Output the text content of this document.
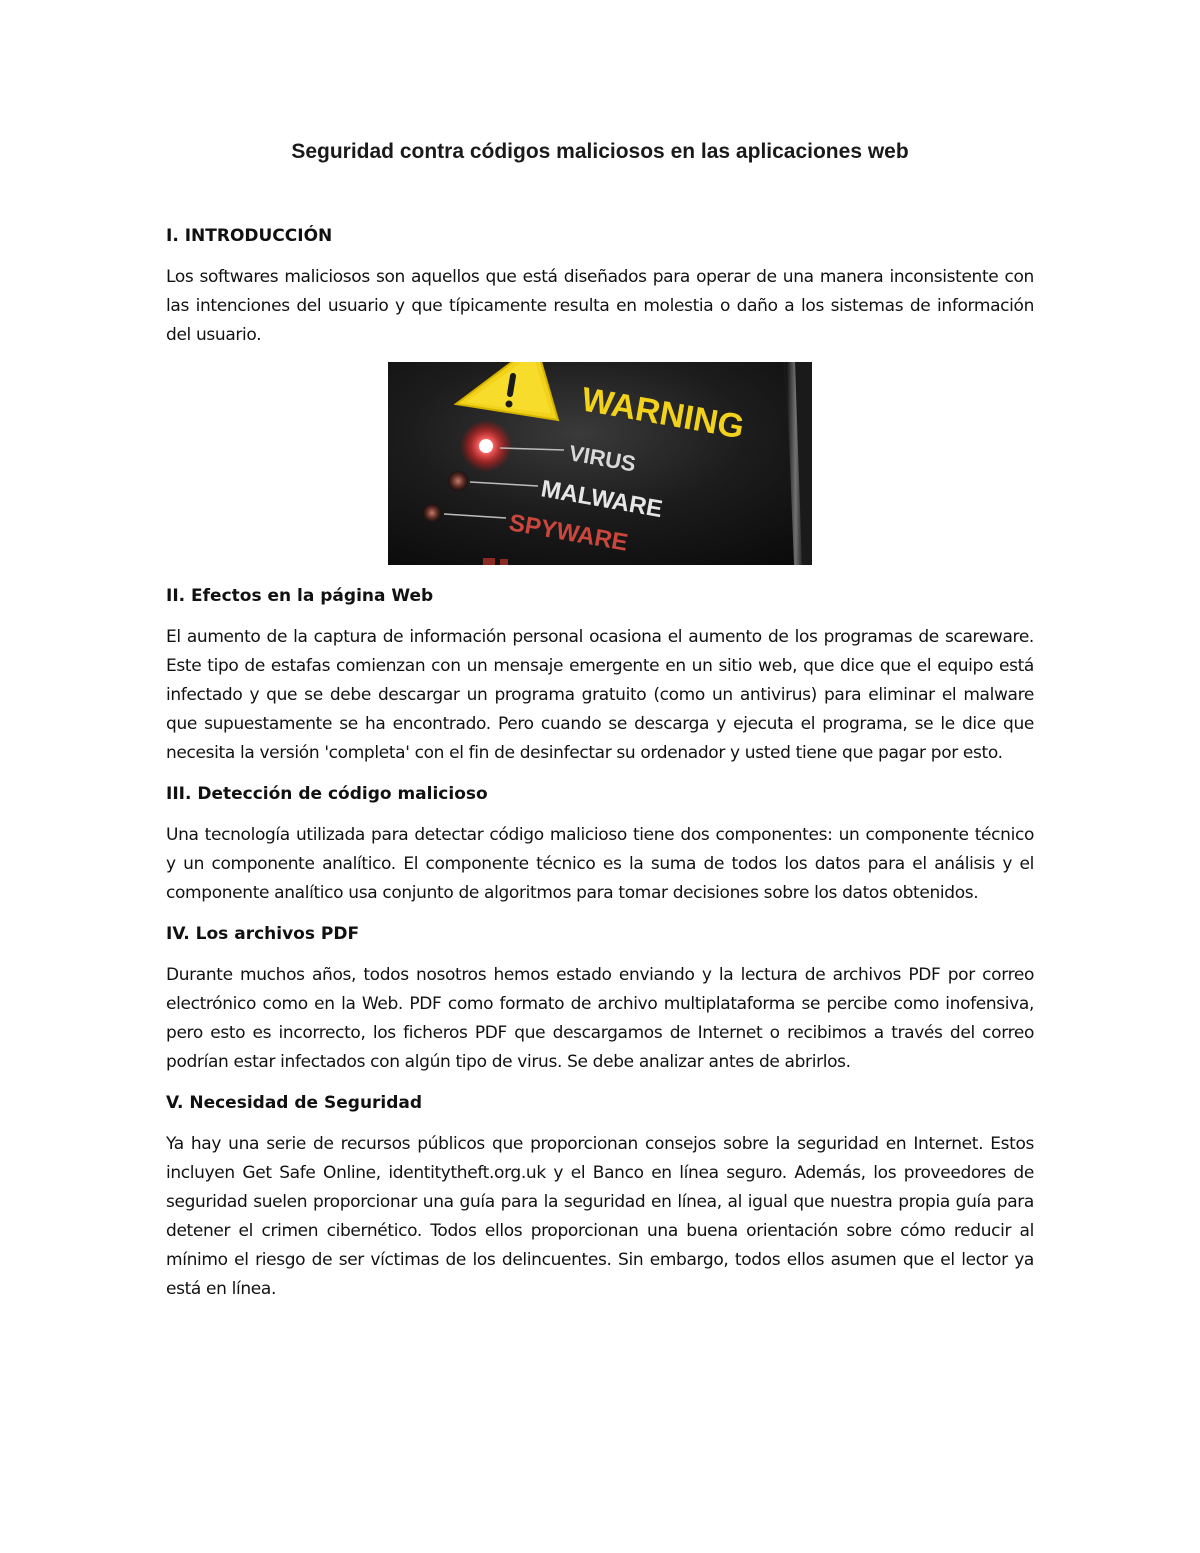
Seguridad contra códigos maliciosos en las aplicaciones web
I. INTRODUCCIÓN

Los softwares maliciosos son aquellos que está diseñados para operar de una manera inconsistente con las intenciones del usuario y que típicamente resulta en molestia o daño a los sistemas de información del usuario.

WARNING
VIRUS
MALWARE
SPYWARE
II. Efectos en la página Web

El aumento de la captura de información personal ocasiona el aumento de los programas de scareware. Este tipo de estafas comienzan con un mensaje emergente en un sitio web, que dice que el equipo está infectado y que se debe descargar un programa gratuito (como un antivirus) para eliminar el malware que supuestamente se ha encontrado. Pero cuando se descarga y ejecuta el programa, se le dice que necesita la versión 'completa' con el fin de desinfectar su ordenador y usted tiene que pagar por esto.

III. Detección de código malicioso

Una tecnología utilizada para detectar código malicioso tiene dos componentes: un componente técnico y un componente analítico. El componente técnico es la suma de todos los datos para el análisis y el componente analítico usa conjunto de algoritmos para tomar decisiones sobre los datos obtenidos.

IV. Los archivos PDF

Durante muchos años, todos nosotros hemos estado enviando y la lectura de archivos PDF por correo electrónico como en la Web. PDF como formato de archivo multiplataforma se percibe como inofensiva, pero esto es incorrecto, los ficheros PDF que descargamos de Internet o recibimos a través del correo podrían estar infectados con algún tipo de virus. Se debe analizar antes de abrirlos.

V. Necesidad de Seguridad

Ya hay una serie de recursos públicos que proporcionan consejos sobre la seguridad en Internet. Estos incluyen Get Safe Online, identitytheft.org.uk y el Banco en línea seguro. Además, los proveedores de seguridad suelen proporcionar una guía para la seguridad en línea, al igual que nuestra propia guía para detener el crimen cibernético. Todos ellos proporcionan una buena orientación sobre cómo reducir al mínimo el riesgo de ser víctimas de los delincuentes. Sin embargo, todos ellos asumen que el lector ya está en línea.
